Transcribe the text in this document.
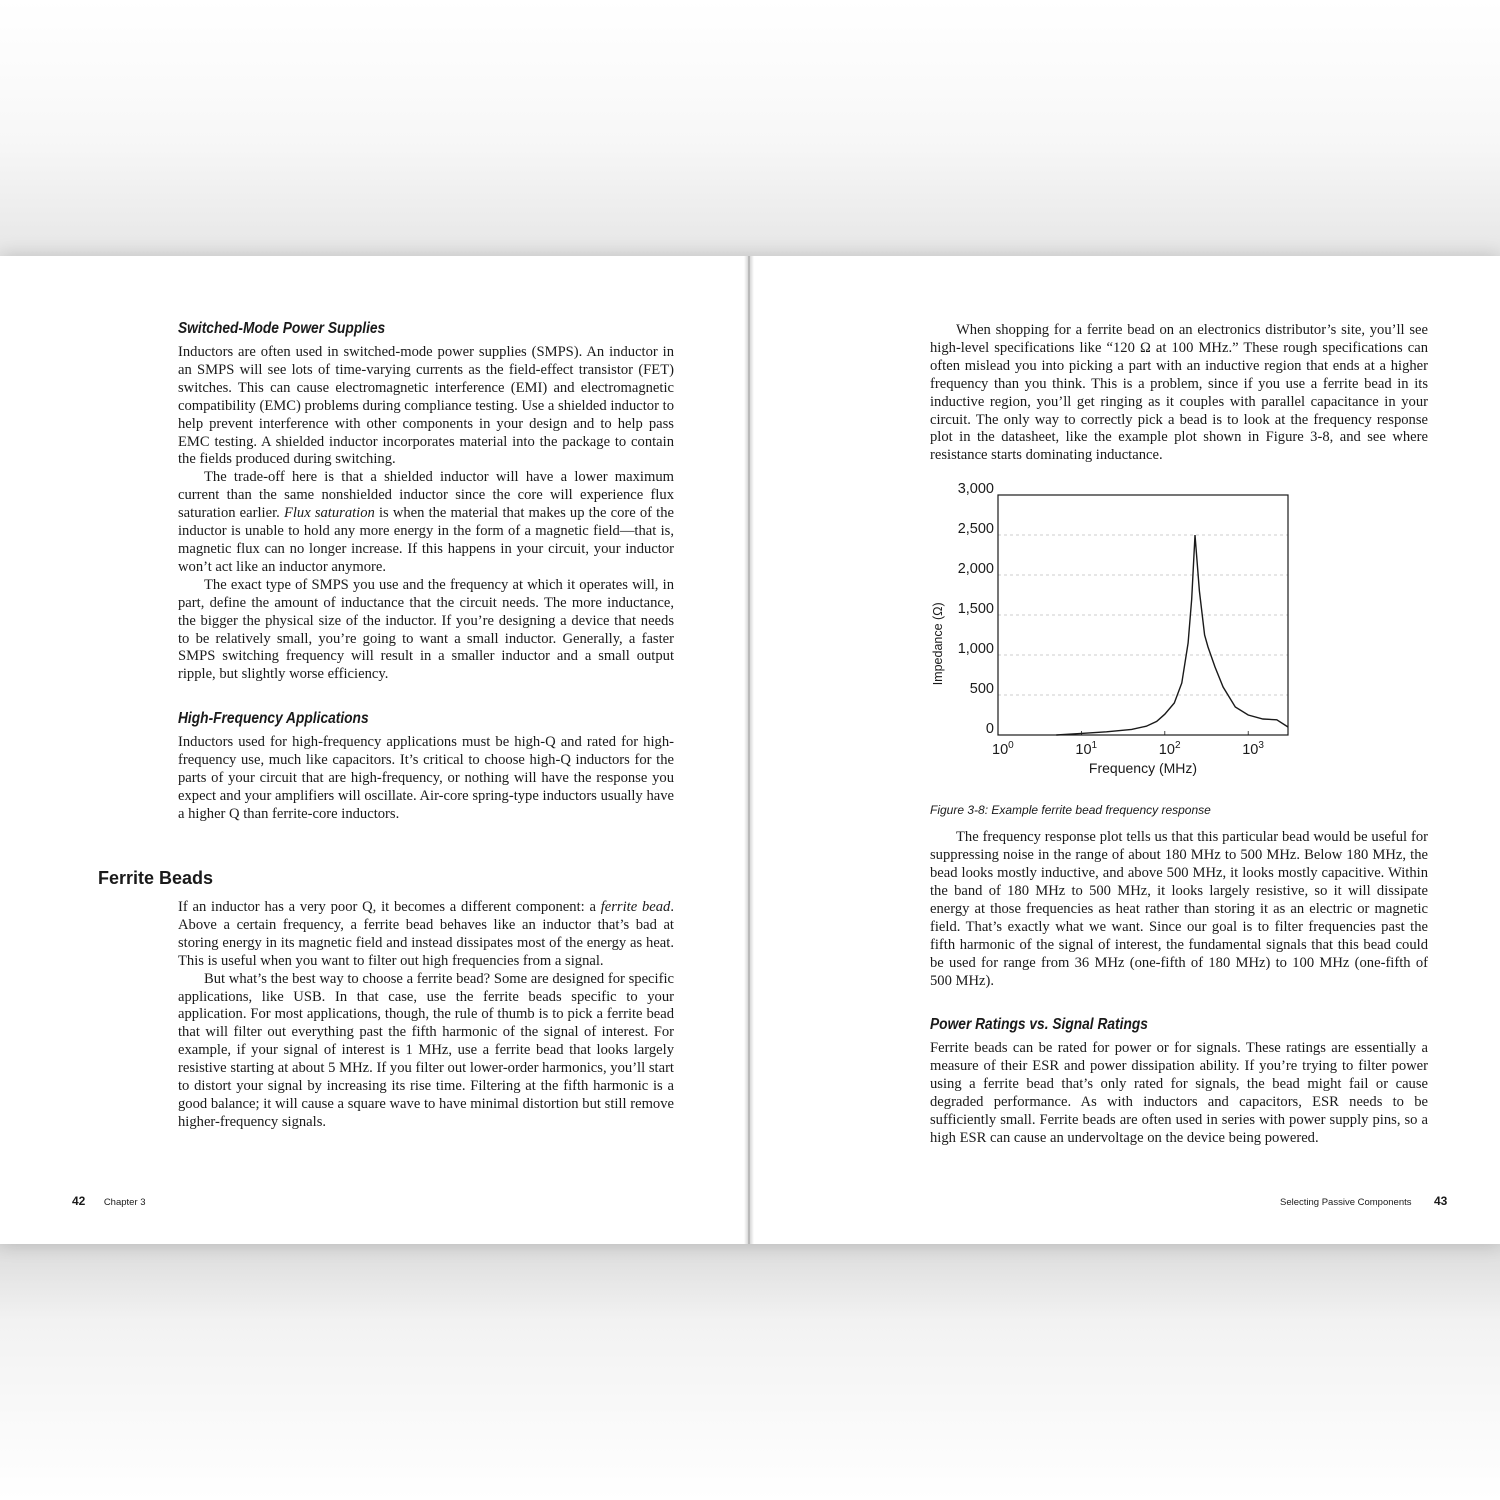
Switched-Mode Power Supplies

Inductors are often used in switched-mode power supplies (SMPS). An inductor in an SMPS will see lots of time-varying currents as the field-effect transistor (FET) switches. This can cause electromagnetic interference (EMI) and electromagnetic compatibility (EMC) problems during compliance testing. Use a shielded inductor to help prevent interference with other components in your design and to help pass EMC testing. A shielded inductor incorporates material into the package to contain the fields produced during switching.

The trade-off here is that a shielded inductor will have a lower maximum current than the same nonshielded inductor since the core will experience flux saturation earlier. Flux saturation is when the material that makes up the core of the inductor is unable to hold any more energy in the form of a magnetic field—that is, magnetic flux can no longer increase. If this happens in your circuit, your inductor won’t act like an inductor anymore.

The exact type of SMPS you use and the frequency at which it operates will, in part, define the amount of inductance that the circuit needs. The more inductance, the bigger the physical size of the inductor. If you’re designing a device that needs to be relatively small, you’re going to want a small inductor. Generally, a faster SMPS switching frequency will result in a smaller inductor and a small output ripple, but slightly worse efficiency.

High-Frequency Applications

Inductors used for high-frequency applications must be high-Q and rated for high-frequency use, much like capacitors. It’s critical to choose high-Q inductors for the parts of your circuit that are high-frequency, or nothing will have the response you expect and your amplifiers will oscillate. Air-core spring-type inductors usually have a higher Q than ferrite-core inductors.

Ferrite Beads

If an inductor has a very poor Q, it becomes a different component: a ferrite bead. Above a certain frequency, a ferrite bead behaves like an inductor that’s bad at storing energy in its magnetic field and instead dissipates most of the energy as heat. This is useful when you want to filter out high frequencies from a signal.

But what’s the best way to choose a ferrite bead? Some are designed for specific applications, like USB. In that case, use the ferrite beads specific to your application. For most applications, though, the rule of thumb is to pick a ferrite bead that will filter out everything past the fifth harmonic of the signal of interest. For example, if your signal of interest is 1 MHz, use a ferrite bead that looks largely resistive starting at about 5 MHz. If you filter out lower-order harmonics, you’ll start to distort your signal by increasing its rise time. Filtering at the fifth harmonic is a good balance; it will cause a square wave to have minimal distortion but still remove higher-frequency signals.

42 Chapter 3

When shopping for a ferrite bead on an electronics distributor’s site, you’ll see high-level specifications like “120 Ω at 100 MHz.” These rough specifications can often mislead you into picking a part with an inductive region that ends at a higher frequency than you think. This is a problem, since if you use a ferrite bead in its inductive region, you’ll get ringing as it couples with parallel capacitance in your circuit. The only way to correctly pick a bead is to look at the frequency response plot in the datasheet, like the example plot shown in Figure 3-8, and see where resistance starts dominating inductance.

0
500
1,000
1,500
2,000
2,500
3,000
$10^0$	$10^1$	$10^2$	$10^3$
Impedance (Ω)
Frequency (MHz)
Figure 3-8: Example ferrite bead frequency response

The frequency response plot tells us that this particular bead would be useful for suppressing noise in the range of about 180 MHz to 500 MHz. Below 180 MHz, the bead looks mostly inductive, and above 500 MHz, it looks mostly capacitive. Within the band of 180 MHz to 500 MHz, it looks largely resistive, so it will dissipate energy at those frequencies as heat rather than storing it as an electric or magnetic field. That’s exactly what we want. Since our goal is to filter frequencies past the fifth harmonic of the signal of interest, the fundamental signals that this bead could be used for range from 36 MHz (one-fifth of 180 MHz) to 100 MHz (one-fifth of 500 MHz).

Power Ratings vs. Signal Ratings

Ferrite beads can be rated for power or for signals. These ratings are essentially a measure of their ESR and power dissipation ability. If you’re trying to filter power using a ferrite bead that’s only rated for signals, the bead might fail or cause degraded performance. As with inductors and capacitors, ESR needs to be sufficiently small. Ferrite beads are often used in series with power supply pins, so a high ESR can cause an undervoltage on the device being powered.

Selecting Passive Components 43
